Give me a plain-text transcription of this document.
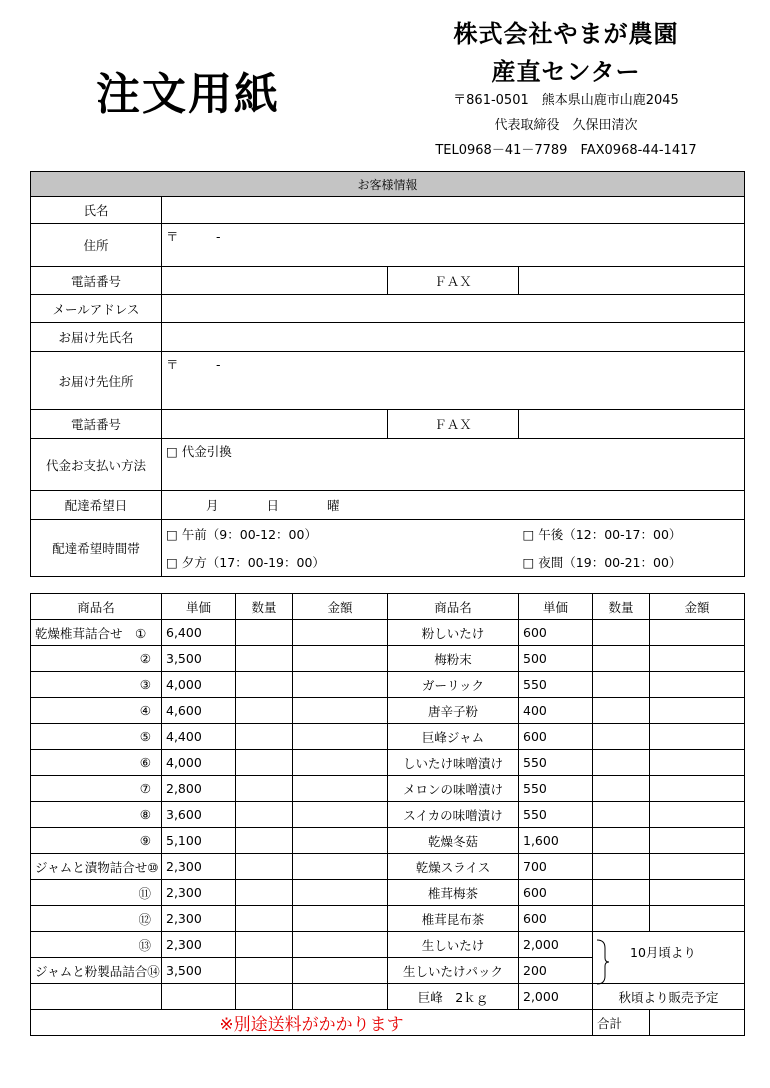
注文用紙
株式会社やまが農園
産直センター
〒861-0501　熊本県山鹿市山鹿2045
代表取締役　久保田清次
TEL0968－41－7789　FAX0968-44-1417
お客様情報			
氏名			
住所	〒　　　-		
電話番号		ＦＡＸ	
メールアドレス			
お届け先氏名			
お届け先住所	〒　　　-		
電話番号		ＦＡＸ	
代金お支払い方法	□ 代金引換		
配達希望日	月 日 曜		
配達希望時間帯	□ 午前（9：00-12：00）		□ 午後（12：00-17：00）
	□ 夕方（17：00-19：00）		□ 夜間（19：00-21：00）
商品名	単価	数量	金額	商品名	単価	数量	金額
乾燥椎茸詰合せ　①	6,400			粉しいたけ	600		
②	3,500			梅粉末	500		
③	4,000			ガーリック	550		
④	4,600			唐辛子粉	400		
⑤	4,400			巨峰ジャム	600		
⑥	4,000			しいたけ味噌漬け	550		
⑦	2,800			メロンの味噌漬け	550		
⑧	3,600			スイカの味噌漬け	550		
⑨	5,100			乾燥冬菇	1,600		
ジャムと漬物詰合せ⑩	2,300			乾燥スライス	700		
⑪	2,300			椎茸梅茶	600		
⑫	2,300			椎茸昆布茶	600		
⑬	2,300			生しいたけ	2,000		
ジャムと粉製品詰合⑭	3,500			生しいたけパック	200		
				巨峰　2ｋｇ	2,000	秋頃より販売予定	
※別途送料がかかります						合計	
10月頃より
